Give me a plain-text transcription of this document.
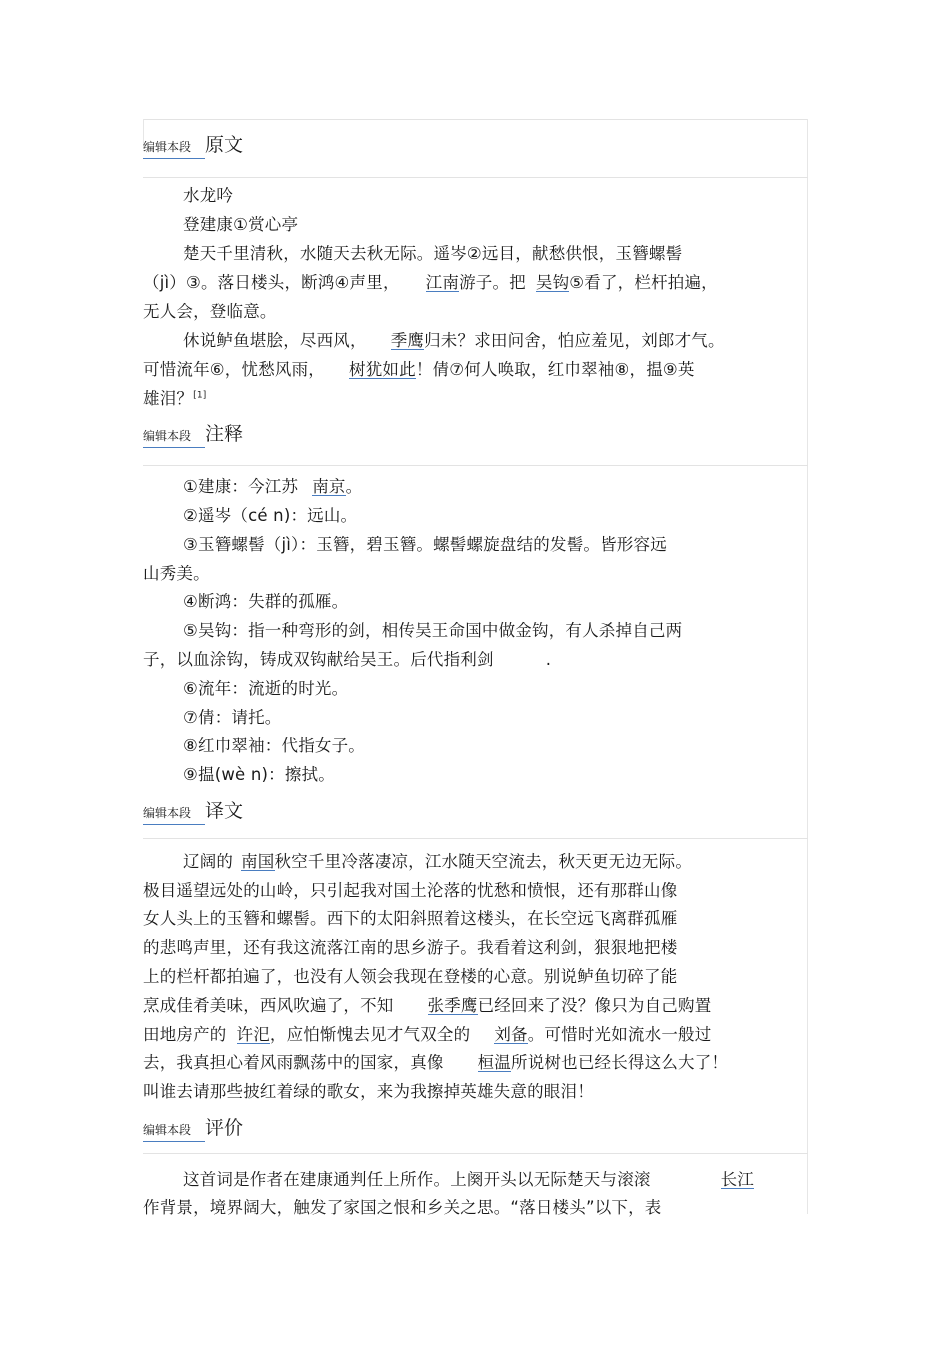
编辑本段 原文
水龙吟
登建康①赏心亭
楚天千里清秋，水随天去秋无际。遥岑②远目，献愁供恨，玉簪螺髻
（jì）③。落日楼头，断鸿④声里， 江南游子。把 吴钩⑤看了，栏杆拍遍，
无人会，登临意。
休说鲈鱼堪脍，尽西风， 季鹰归未？求田问舍，怕应羞见，刘郎才气。
可惜流年⑥，忧愁风雨， 树犹如此！倩⑦何人唤取，红巾翠袖⑧，揾⑨英
雄泪？[1]
编辑本段 注释
①建康：今江苏 南京。
②遥岑（cé n)：远山。
③玉簪螺髻（jì）：玉簪，碧玉簪。螺髻螺旋盘结的发髻。皆形容远
山秀美。
④断鸿：失群的孤雁。
⑤吴钩：指一种弯形的剑，相传吴王命国中做金钩，有人杀掉自己两
子，以血涂钩，铸成双钩献给吴王。后代指利剑	.
⑥流年：流逝的时光。
⑦倩：请托。
⑧红巾翠袖：代指女子。
⑨揾(wè n)：擦拭。
编辑本段 译文
辽阔的 南国秋空千里冷落凄凉，江水随天空流去，秋天更无边无际。
极目遥望远处的山岭，只引起我对国土沦落的忧愁和愤恨，还有那群山像
女人头上的玉簪和螺髻。西下的太阳斜照着这楼头，在长空远飞离群孤雁
的悲鸣声里，还有我这流落江南的思乡游子。我看着这利剑，狠狠地把楼
上的栏杆都拍遍了，也没有人领会我现在登楼的心意。别说鲈鱼切碎了能
烹成佳肴美味，西风吹遍了，不知 张季鹰已经回来了没？像只为自己购置
田地房产的 许汜，应怕惭愧去见才气双全的 刘备。可惜时光如流水一般过
去，我真担心着风雨飘荡中的国家，真像 桓温所说树也已经长得这么大了！
叫谁去请那些披红着绿的歌女，来为我擦掉英雄失意的眼泪！
编辑本段 评价
这首词是作者在建康通判任上所作。上阕开头以无际楚天与滚滚	长江
作背景，境界阔大，触发了家国之恨和乡关之思。“落日楼头”以下，表
